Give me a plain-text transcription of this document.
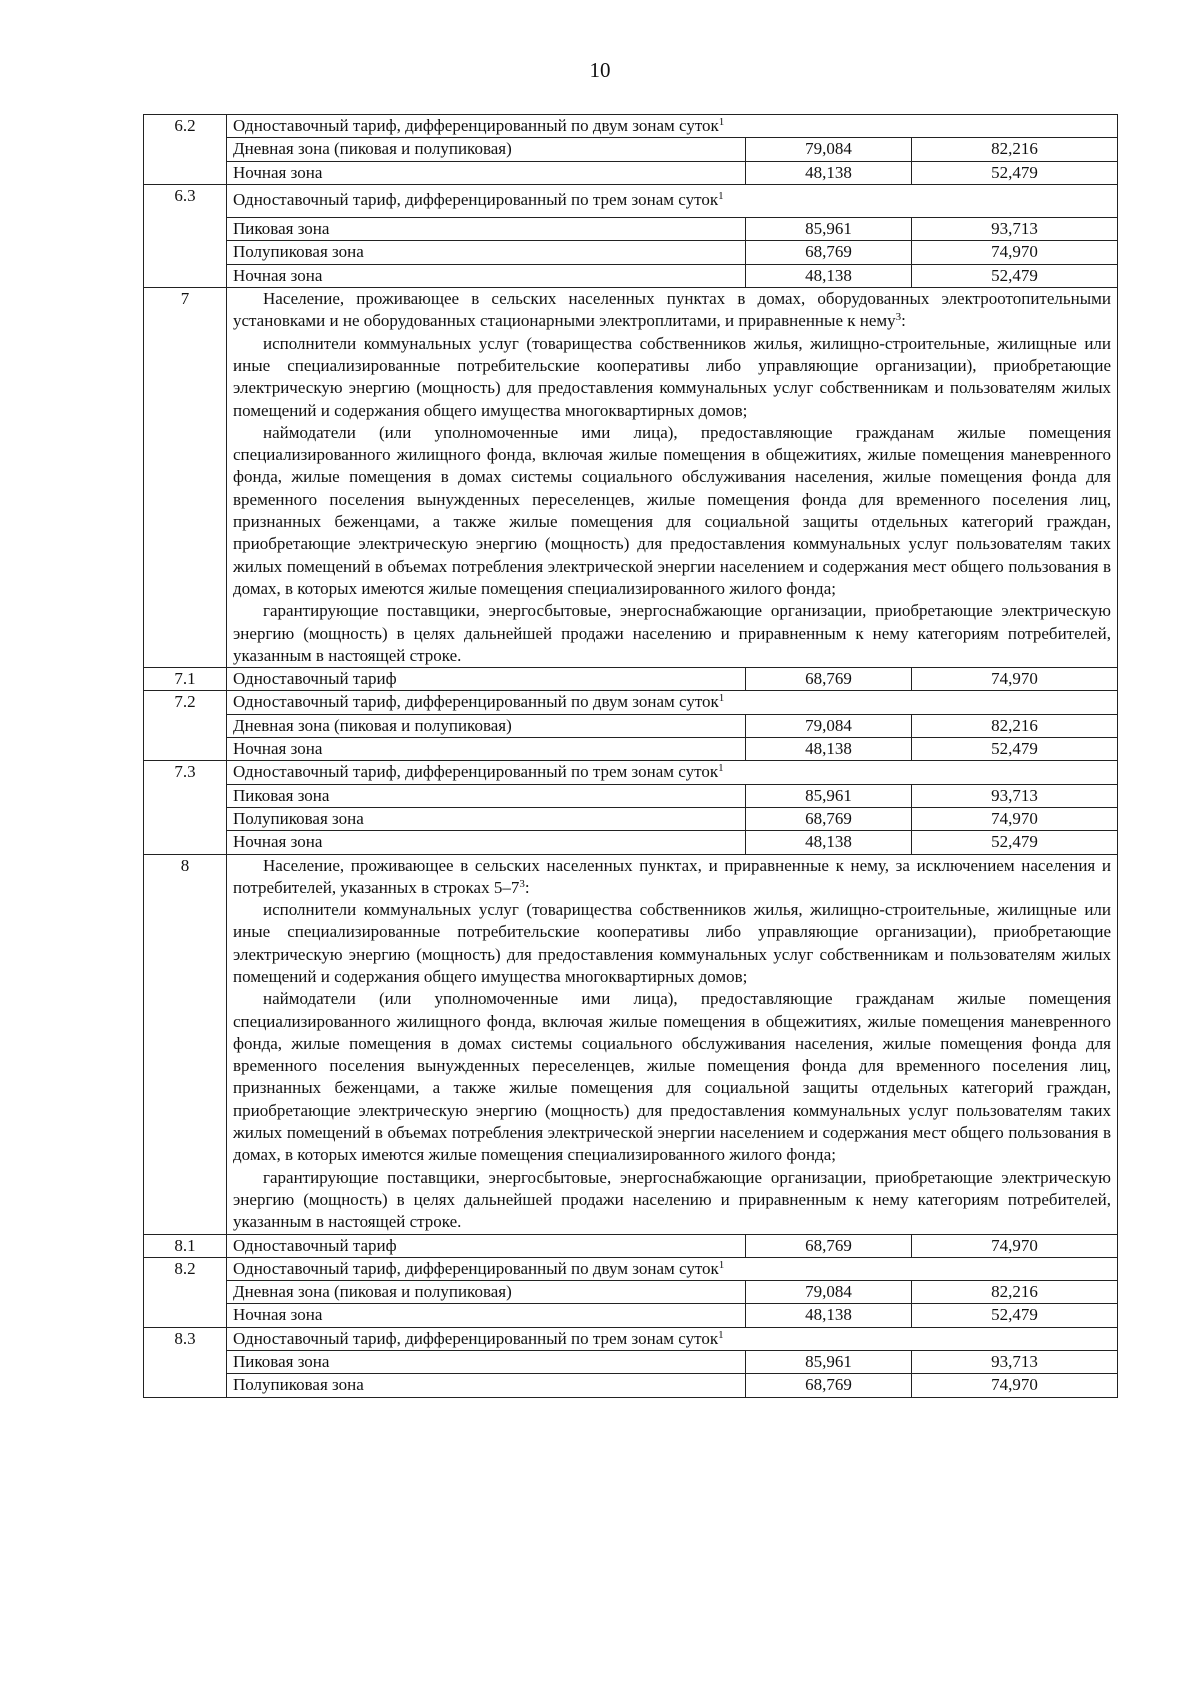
10
6.2	Одноставочный тариф, дифференцированный по двум зонам суток$^1$
	Дневная зона (пиковая и полупиковая)	79,084	82,216
	Ночная зона	48,138	52,479
6.3	Одноставочный тариф, дифференцированный по трем зонам суток$^1$
	Пиковая зона	85,961	93,713
	Полупиковая зона	68,769	74,970
	Ночная зона	48,138	52,479
7	Население, проживающее в сельских населенных пунктах в домах, оборудованных электроотопительными установками и не оборудованных стационарными электроплитами, и приравненные к нему$^3$:

исполнители коммунальных услуг (товарищества собственников жилья, жилищно-строительные, жилищные или иные специализированные потребительские кооперативы либо управляющие организации), приобретающие электрическую энергию (мощность) для предоставления коммунальных услуг собственникам и пользователям жилых помещений и содержания общего имущества многоквартирных домов;

наймодатели (или уполномоченные ими лица), предоставляющие гражданам жилые помещения специализированного жилищного фонда, включая жилые помещения в общежитиях, жилые помещения маневренного фонда, жилые помещения в домах системы социального обслуживания населения, жилые помещения фонда для временного поселения вынужденных переселенцев, жилые помещения фонда для временного поселения лиц, признанных беженцами, а также жилые помещения для социальной защиты отдельных категорий граждан, приобретающие электрическую энергию (мощность) для предоставления коммунальных услуг пользователям таких жилых помещений в объемах потребления электрической энергии населением и содержания мест общего пользования в домах, в которых имеются жилые помещения специализированного жилого фонда;

гарантирующие поставщики, энергосбытовые, энергоснабжающие организации, приобретающие электрическую энергию (мощность) в целях дальнейшей продажи населению и приравненным к нему категориям потребителей, указанным в настоящей строке.		

7.1	Одноставочный тариф	68,769	74,970
7.2	Одноставочный тариф, дифференцированный по двум зонам суток$^1$
	Дневная зона (пиковая и полупиковая)	79,084	82,216
	Ночная зона	48,138	52,479
7.3	Одноставочный тариф, дифференцированный по трем зонам суток$^1$
	Пиковая зона	85,961	93,713
	Полупиковая зона	68,769	74,970
	Ночная зона	48,138	52,479
8	Население, проживающее в сельских населенных пунктах, и приравненные к нему, за исключением населения и потребителей, указанных в строках $5-7^3$:

исполнители коммунальных услуг (товарищества собственников жилья, жилищно-строительные, жилищные или иные специализированные потребительские кооперативы либо управляющие организации), приобретающие электрическую энергию (мощность) для предоставления коммунальных услуг собственникам и пользователям жилых помещений и содержания общего имущества многоквартирных домов;

наймодатели (или уполномоченные ими лица), предоставляющие гражданам жилые помещения специализированного жилищного фонда, включая жилые помещения в общежитиях, жилые помещения маневренного фонда, жилые помещения в домах системы социального обслуживания населения, жилые помещения фонда для временного поселения вынужденных переселенцев, жилые помещения фонда для временного поселения лиц, признанных беженцами, а также жилые помещения для социальной защиты отдельных категорий граждан, приобретающие электрическую энергию (мощность) для предоставления коммунальных услуг пользователям таких жилых помещений в объемах потребления электрической энергии населением и содержания мест общего пользования в домах, в которых имеются жилые помещения специализированного жилого фонда;

гарантирующие поставщики, энергосбытовые, энергоснабжающие организации, приобретающие электрическую энергию (мощность) в целях дальнейшей продажи населению и приравненным к нему категориям потребителей, указанным в настоящей строке.		

8.1	Одноставочный тариф	68,769	74,970
8.2	Одноставочный тариф, дифференцированный по двум зонам суток$^1$
	Дневная зона (пиковая и полупиковая)	79,084	82,216
	Ночная зона	48,138	52,479
8.3	Одноставочный тариф, дифференцированный по трем зонам суток$^1$
	Пиковая зона	85,961	93,713
	Полупиковая зона	68,769	74,970
